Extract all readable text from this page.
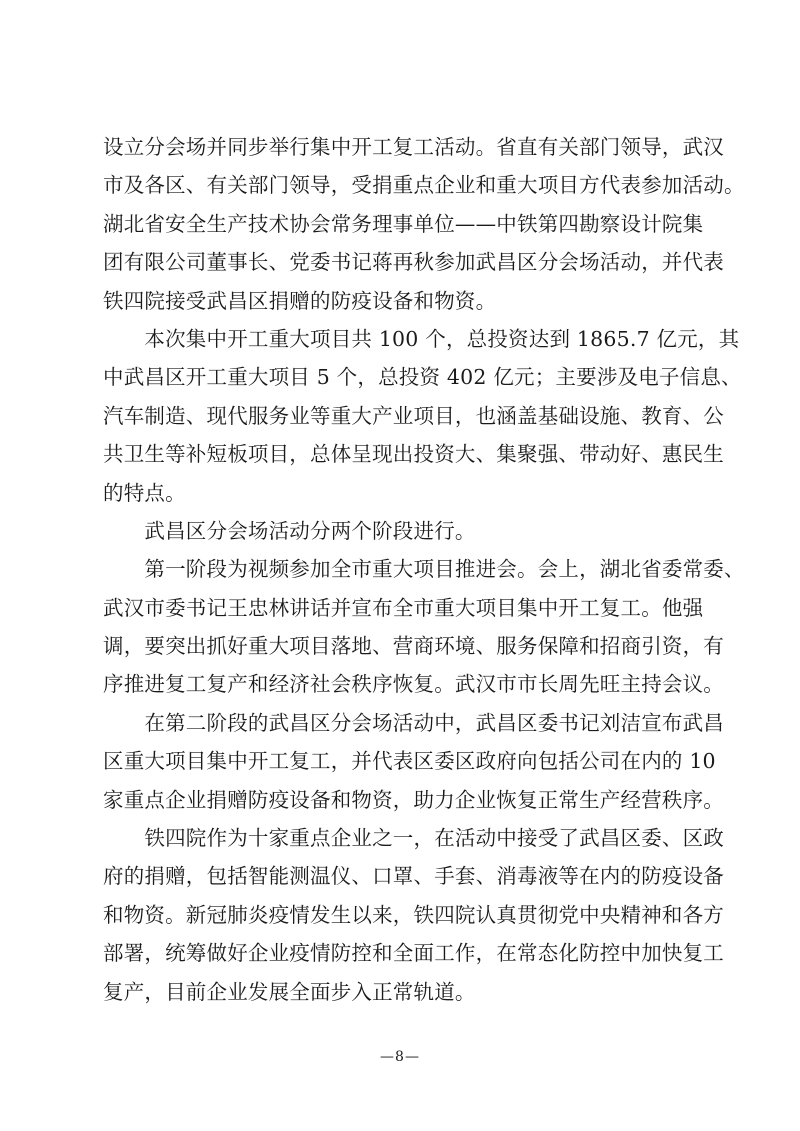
设立分会场并同步举行集中开工复工活动。省直有关部门领导，武汉
市及各区、有关部门领导，受捐重点企业和重大项目方代表参加活动。
湖北省安全生产技术协会常务理事单位——中铁第四勘察设计院集
团有限公司董事长、党委书记蒋再秋参加武昌区分会场活动，并代表
铁四院接受武昌区捐赠的防疫设备和物资。
　　本次集中开工重大项目共 100 个，总投资达到 1865.7 亿元，其
中武昌区开工重大项目 5 个，总投资 402 亿元；主要涉及电子信息、
汽车制造、现代服务业等重大产业项目，也涵盖基础设施、教育、公
共卫生等补短板项目，总体呈现出投资大、集聚强、带动好、惠民生
的特点。
　　武昌区分会场活动分两个阶段进行。
　　第一阶段为视频参加全市重大项目推进会。会上，湖北省委常委、
武汉市委书记王忠林讲话并宣布全市重大项目集中开工复工。他强
调，要突出抓好重大项目落地、营商环境、服务保障和招商引资，有
序推进复工复产和经济社会秩序恢复。武汉市市长周先旺主持会议。
　　在第二阶段的武昌区分会场活动中，武昌区委书记刘洁宣布武昌
区重大项目集中开工复工，并代表区委区政府向包括公司在内的 10
家重点企业捐赠防疫设备和物资，助力企业恢复正常生产经营秩序。
　　铁四院作为十家重点企业之一，在活动中接受了武昌区委、区政
府的捐赠，包括智能测温仪、口罩、手套、消毒液等在内的防疫设备
和物资。新冠肺炎疫情发生以来，铁四院认真贯彻党中央精神和各方
部署，统筹做好企业疫情防控和全面工作，在常态化防控中加快复工
复产，目前企业发展全面步入正常轨道。
—8—
